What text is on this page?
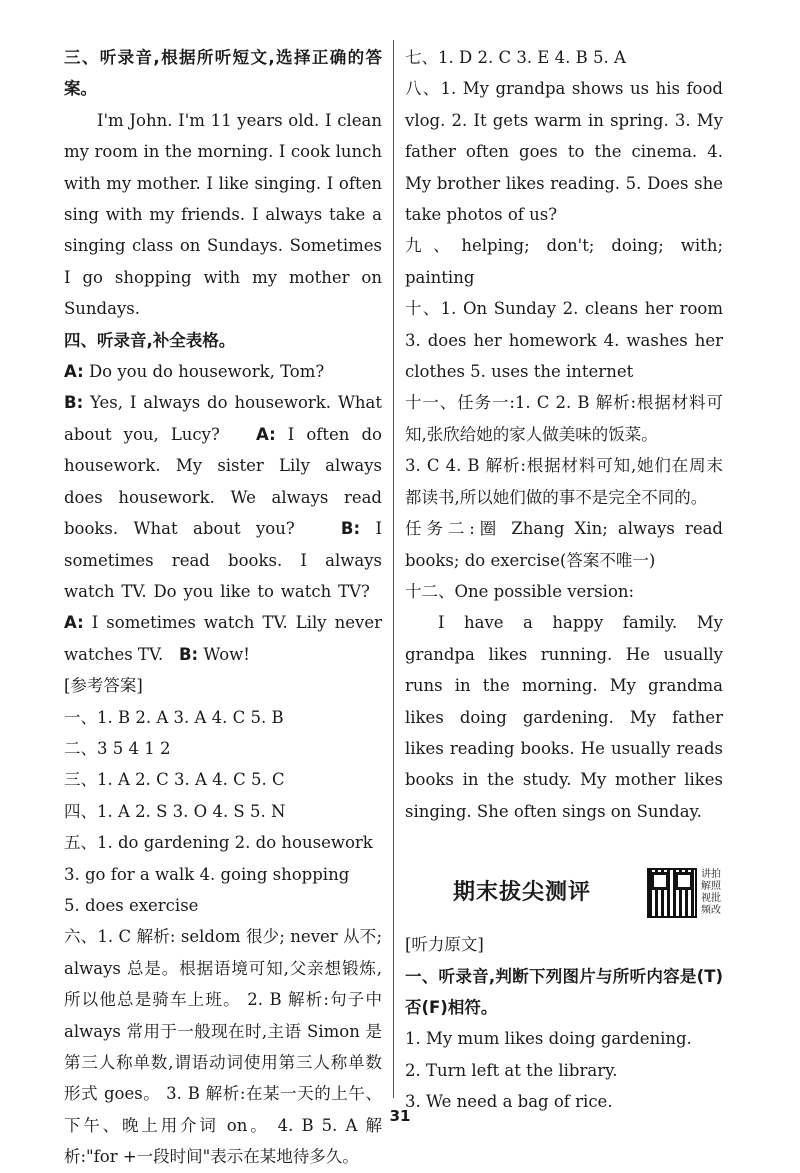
三、听录音,根据所听短文,选择正确的答案。

I'm John. I'm 11 years old. I clean my room in the morning. I cook lunch with my mother. I like singing. I often sing with my friends. I always take a singing class on Sundays. Sometimes I go shopping with my mother on Sundays.

四、听录音,补全表格。

A: Do you do housework, Tom?
B: Yes, I always do housework. What about you, Lucy? A: I often do housework. My sister Lily always does housework. We always read books. What about you?	B: I sometimes read books. I always watch TV. Do you like to watch TV?   A: I sometimes watch TV. Lily never watches TV. B: Wow!

[参考答案]

一、1. B 2. A 3. A 4. C 5. B

二、3 5 4 1 2

三、1. A 2. C 3. A 4. C 5. C

四、1. A 2. S 3. O 4. S 5. N

五、1. do gardening 2. do housework

3. go for a walk 4. going shopping

5. does exercise

六、1. C 解析: seldom 很少; never 从不; always 总是。根据语境可知,父亲想锻炼,所以他总是骑车上班。 2. B 解析:句子中 always 常用于一般现在时,主语 Simon 是第三人称单数,谓语动词使用第三人称单数形式 goes。 3. B 解析:在某一天的上午、下午、晚上用介词 on。 4. B 5. A 解析:"for +一段时间"表示在某地待多久。

七、1. D 2. C 3. E 4. B 5. A

八、1. My grandpa shows us his food vlog. 2. It gets warm in spring. 3. My father often goes to the cinema. 4. My brother likes reading. 5. Does she take photos of us?

九、helping; don't; doing; with; painting

十、1. On Sunday 2. cleans her room 3. does her homework 4. washes her clothes 5. uses the internet

十一、任务一:1. C 2. B 解析:根据材料可知,张欣给她的家人做美味的饭菜。

3. C 4. B 解析:根据材料可知,她们在周末都读书,所以她们做的事不是完全不同的。

任务二:圈 Zhang Xin; always read books; do exercise(答案不唯一)

十二、One possible version:

I have a happy family. My grandpa likes running. He usually runs in the morning. My grandma likes doing gardening. My father likes reading books. He usually reads books in the study. My mother likes singing. She often sings on Sunday.

期末拔尖测评
讲拍解照视批频改

[听力原文]

一、听录音,判断下列图片与所听内容是(T)否(F)相符。

1. My mum likes doing gardening.

2. Turn left at the library.

3. We need a bag of rice.

31
